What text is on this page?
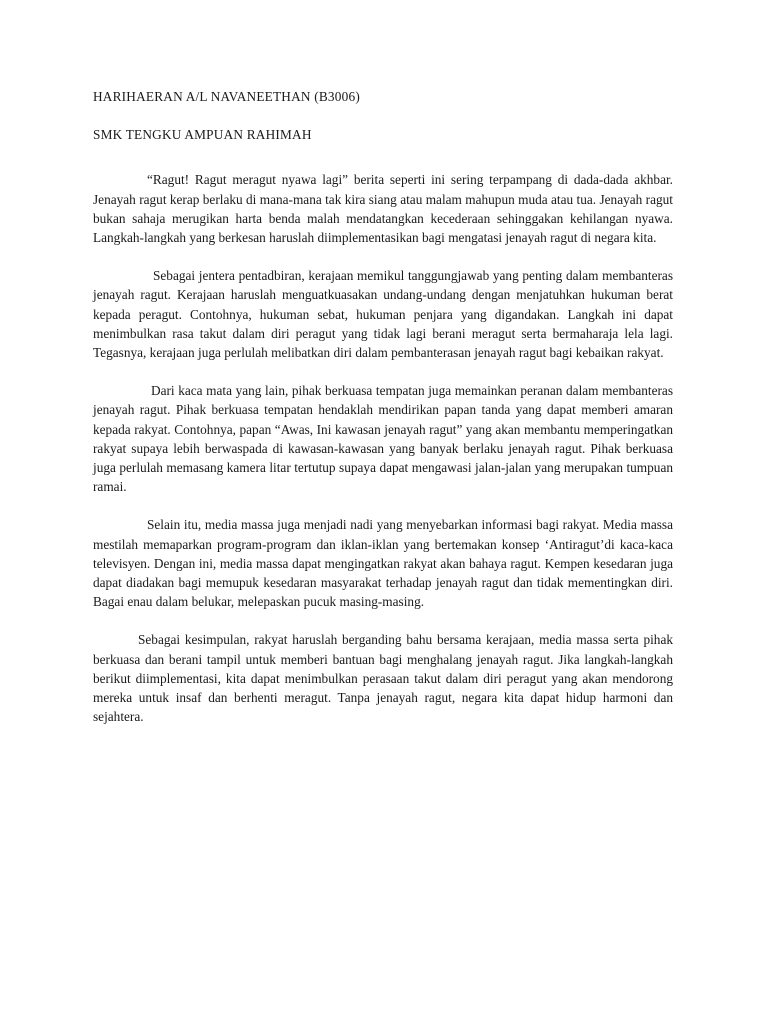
HARIHAERAN A/L NAVANEETHAN (B3006)

SMK TENGKU AMPUAN RAHIMAH

“Ragut! Ragut meragut nyawa lagi” berita seperti ini sering terpampang di dada-dada akhbar. Jenayah ragut kerap berlaku di mana-mana tak kira siang atau malam mahupun muda atau tua. Jenayah ragut bukan sahaja merugikan harta benda malah mendatangkan kecederaan sehinggakan kehilangan nyawa. Langkah-langkah yang berkesan haruslah diimplementasikan bagi mengatasi jenayah ragut di negara kita.

Sebagai jentera pentadbiran, kerajaan memikul tanggungjawab yang penting dalam membanteras jenayah ragut. Kerajaan haruslah menguatkuasakan undang-undang dengan menjatuhkan hukuman berat kepada peragut. Contohnya, hukuman sebat, hukuman penjara yang digandakan. Langkah ini dapat menimbulkan rasa takut dalam diri peragut yang tidak lagi berani meragut serta bermaharaja lela lagi. Tegasnya, kerajaan juga perlulah melibatkan diri dalam pembanterasan jenayah ragut bagi kebaikan rakyat.

Dari kaca mata yang lain, pihak berkuasa tempatan juga memainkan peranan dalam membanteras jenayah ragut. Pihak berkuasa tempatan hendaklah mendirikan papan tanda yang dapat memberi amaran kepada rakyat. Contohnya, papan “Awas, Ini kawasan jenayah ragut” yang akan membantu memperingatkan rakyat supaya lebih berwaspada di kawasan-kawasan yang banyak berlaku jenayah ragut. Pihak berkuasa juga perlulah memasang kamera litar tertutup supaya dapat mengawasi jalan-jalan yang merupakan tumpuan ramai.

Selain itu, media massa juga menjadi nadi yang menyebarkan informasi bagi rakyat. Media massa mestilah memaparkan program-program dan iklan-iklan yang bertemakan konsep ‘Antiragut’di kaca-kaca televisyen. Dengan ini, media massa dapat mengingatkan rakyat akan bahaya ragut. Kempen kesedaran juga dapat diadakan bagi memupuk kesedaran masyarakat terhadap jenayah ragut dan tidak mementingkan diri. Bagai enau dalam belukar, melepaskan pucuk masing-masing.

Sebagai kesimpulan, rakyat haruslah berganding bahu bersama kerajaan, media massa serta pihak berkuasa dan berani tampil untuk memberi bantuan bagi menghalang jenayah ragut. Jika langkah-langkah berikut diimplementasi, kita dapat menimbulkan perasaan takut dalam diri peragut yang akan mendorong mereka untuk insaf dan berhenti meragut. Tanpa jenayah ragut, negara kita dapat hidup harmoni dan sejahtera.
